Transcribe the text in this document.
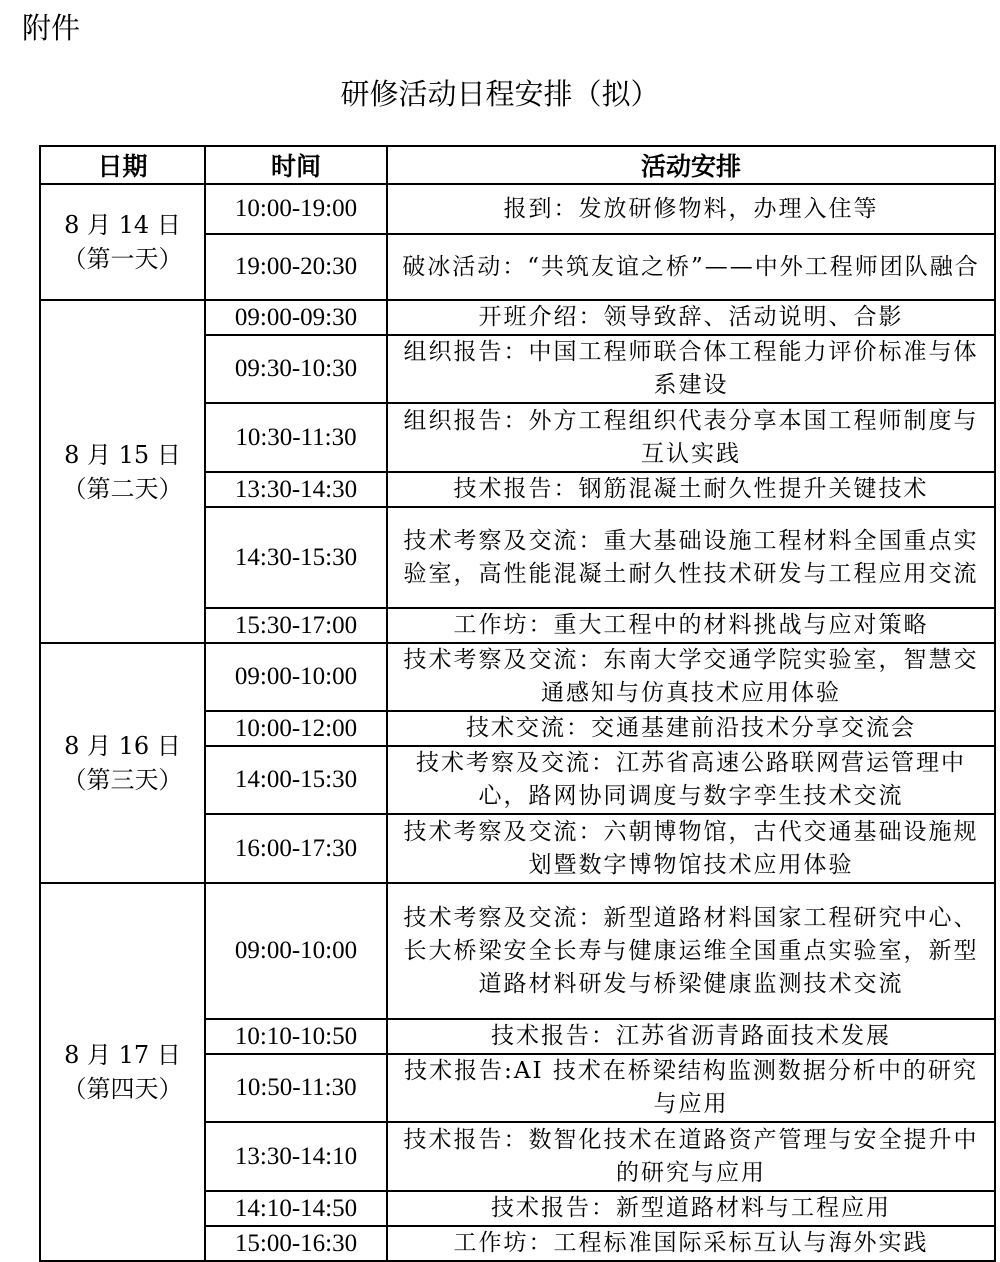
附件
研修活动日程安排（拟）
日期	时间	活动安排

8 月 14 日
（第一天）	10:00-19:00	报到：发放研修物料，办理入住等
	19:00-20:30	破冰活动：“共筑友谊之桥”——中外工程师团队融合

8 月 15 日
（第二天）	09:00-09:30	开班介绍：领导致辞、活动说明、合影
	09:30-10:30	组织报告：中国工程师联合体工程能力评价标准与体系建设
	10:30-11:30	组织报告：外方工程组织代表分享本国工程师制度与互认实践
	13:30-14:30	技术报告：钢筋混凝土耐久性提升关键技术
	14:30-15:30	技术考察及交流：重大基础设施工程材料全国重点实验室，高性能混凝土耐久性技术研发与工程应用交流
	15:30-17:00	工作坊：重大工程中的材料挑战与应对策略

8 月 16 日
（第三天）	09:00-10:00	技术考察及交流：东南大学交通学院实验室，智慧交通感知与仿真技术应用体验
	10:00-12:00	技术交流：交通基建前沿技术分享交流会
	14:00-15:30	技术考察及交流：江苏省高速公路联网营运管理中心，路网协同调度与数字孪生技术交流
	16:00-17:30	技术考察及交流：六朝博物馆，古代交通基础设施规划暨数字博物馆技术应用体验

8 月 17 日
（第四天）	09:00-10:00	技术考察及交流：新型道路材料国家工程研究中心、长大桥梁安全长寿与健康运维全国重点实验室，新型道路材料研发与桥梁健康监测技术交流
	10:10-10:50	技术报告：江苏省沥青路面技术发展
	10:50-11:30	技术报告:AI 技术在桥梁结构监测数据分析中的研究与应用
	13:30-14:10	技术报告：数智化技术在道路资产管理与安全提升中的研究与应用
	14:10-14:50	技术报告：新型道路材料与工程应用
	15:00-16:30	工作坊：工程标准国际采标互认与海外实践
